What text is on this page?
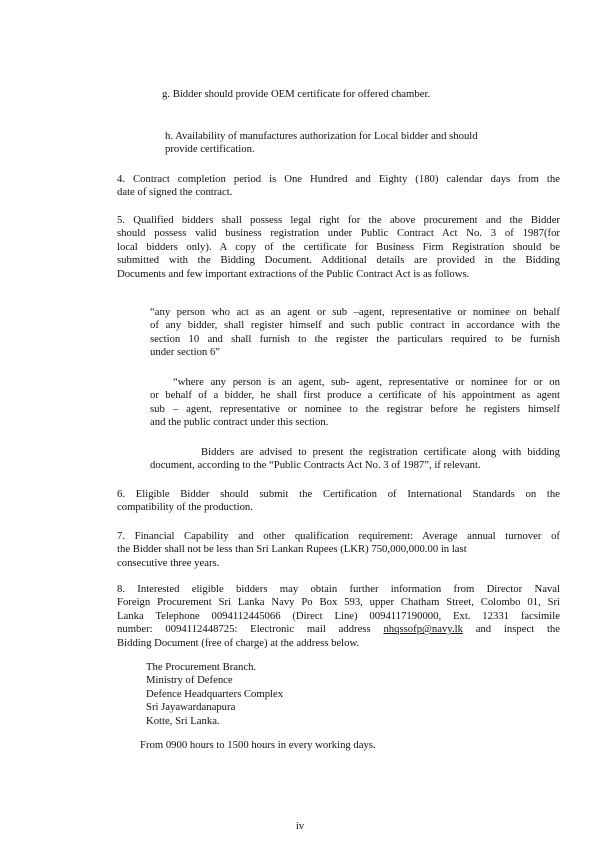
g. Bidder should provide OEM certificate for offered chamber.
h. Availability of manufactures authorization for Local bidder and should
provide certification.
4. Contract completion period is One Hundred and Eighty (180) calendar days from the
date of signed the contract.
5. Qualified bidders shall possess legal right for the above procurement and the Bidder
should possess valid business registration under Public Contract Act No. 3 of 1987(for
local bidders only). A copy of the certificate for Business Firm Registration should be
submitted with the Bidding Document. Additional details are provided in the Bidding
Documents and few important extractions of the Public Contract Act is as follows.
“any person who act as an agent or sub –agent, representative or nominee on behalf
of any bidder, shall register himself and such public contract in accordance with the
section 10 and shall furnish to the register the particulars required to be furnish
under section 6”
“where any person is an agent, sub- agent, representative or nominee for or on
or behalf of a bidder, he shall first produce a certificate of his appointment as agent
sub – agent, representative or nominee to the registrar before he registers himself
and the public contract under this section.
Bidders are advised to present the registration certificate along with bidding
document, according to the “Public Contracts Act No. 3 of 1987”, if relevant.
6. Eligible Bidder should submit the Certification of International Standards on the
compatibility of the production.
7. Financial Capability and other qualification requirement: Average annual turnover of
the Bidder shall not be less than Sri Lankan Rupees (LKR) 750,000,000.00 in last
consecutive three years.
8. Interested eligible bidders may obtain further information from Director Naval
Foreign Procurement Sri Lanka Navy Po Box 593, upper Chatham Street, Colombo 01, Sri
Lanka Telephone 0094112445066 (Direct Line) 0094117190000, Ext. 12331 facsimile
number: 0094112448725: Electronic mail address nhqssofp@navy.lk and inspect the
Bidding Document (free of charge) at the address below.
The Procurement Branch.
Ministry of Defence
Defence Headquarters Complex
Sri Jayawardanapura
Kotte, Sri Lanka.
From 0900 hours to 1500 hours in every working days.
iv
